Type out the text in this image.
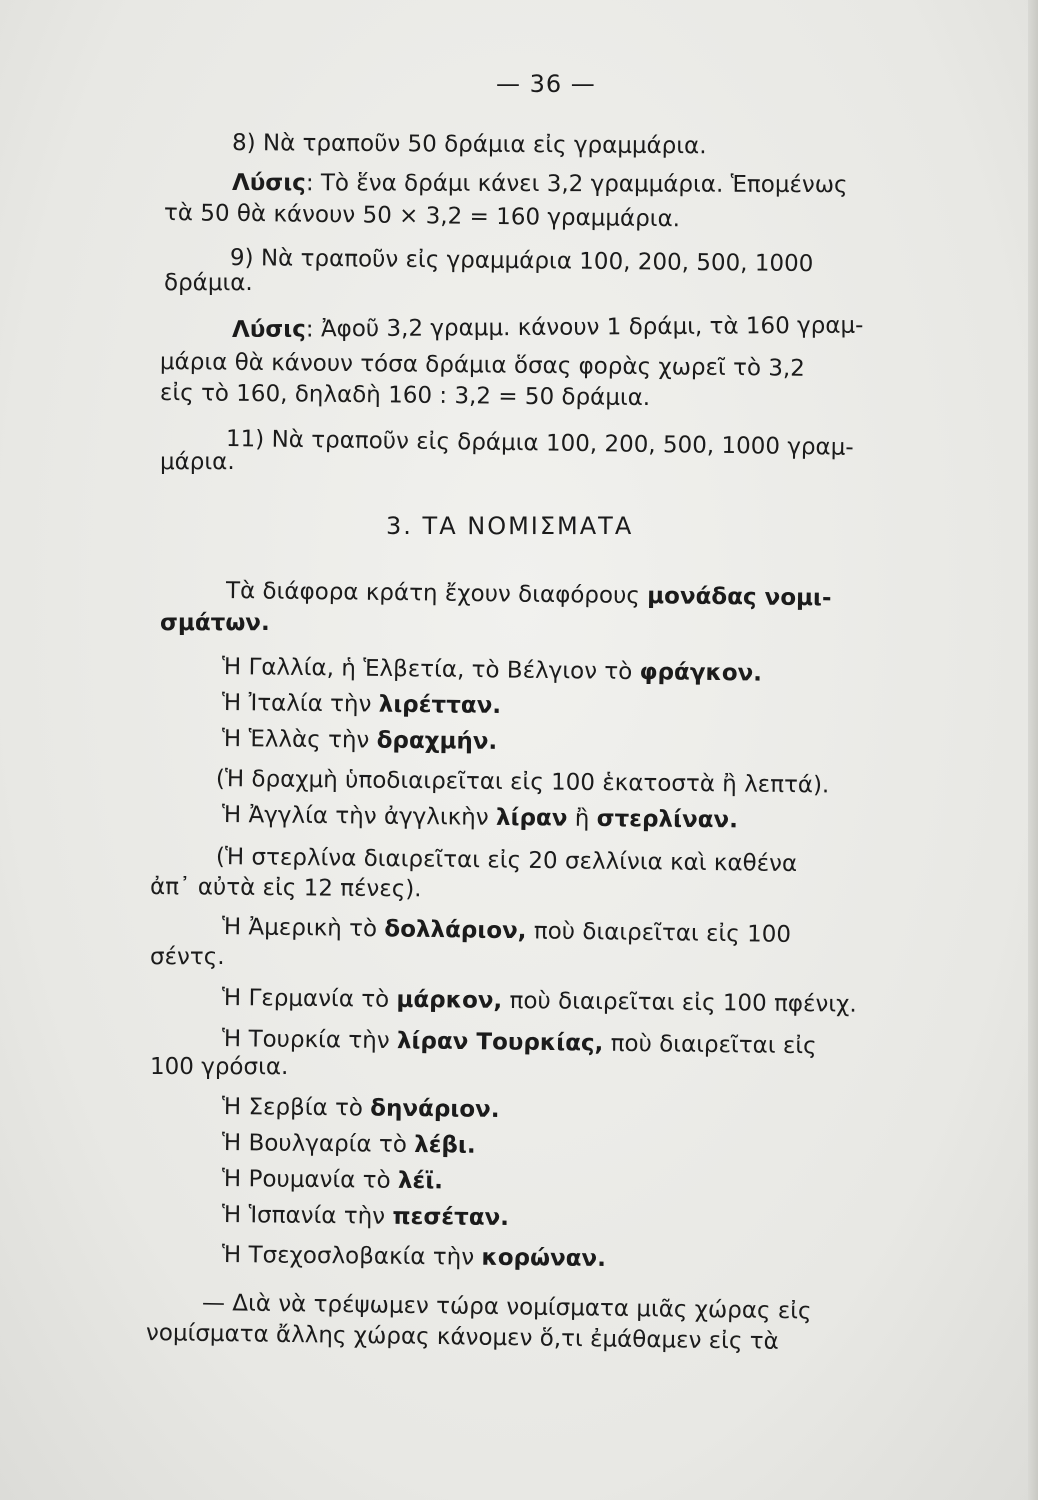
— 36 —
8) Νὰ τραποῦν 50 δράμια εἰς γραμμάρια.
Λύσις: Τὸ ἕνα δράμι κάνει 3,2 γραμμάρια. Ἑπομένως
τὰ 50 θὰ κάνουν 50 × 3,2 = 160 γραμμάρια.
9) Νὰ τραποῦν εἰς γραμμάρια 100, 200, 500, 1000
δράμια.
Λύσις: Ἀφοῦ 3,2 γραμμ. κάνουν 1 δράμι, τὰ 160 γραμ-
μάρια θὰ κάνουν τόσα δράμια ὅσας φορὰς χωρεῖ τὸ 3,2
εἰς τὸ 160, δηλαδὴ 160 : 3,2 = 50 δράμια.
11) Νὰ τραποῦν εἰς δράμια 100, 200, 500, 1000 γραμ-
μάρια.
3. ΤΑ ΝΟΜΙΣΜΑΤΑ
Τὰ διάφορα κράτη ἔχουν διαφόρους μονάδας νομι-
σμάτων.
Ἡ Γαλλία, ἡ Ἑλβετία, τὸ Βέλγιον τὸ φράγκον.
Ἡ Ἰταλία τὴν λιρέτταν.
Ἡ Ἑλλὰς τὴν δραχμήν.
(Ἡ δραχμὴ ὑποδιαιρεῖται εἰς 100 ἑκατοστὰ ἢ λεπτά).
Ἡ Ἀγγλία τὴν ἀγγλικὴν λίραν ἢ στερλίναν.
(Ἡ στερλίνα διαιρεῖται εἰς 20 σελλίνια καὶ καθένα
ἀπ᾽ αὐτὰ εἰς 12 πένες).
Ἡ Ἀμερικὴ τὸ δολλάριον, ποὺ διαιρεῖται εἰς 100
σέντς.
Ἡ Γερμανία τὸ μάρκον, ποὺ διαιρεῖται εἰς 100 πφένιχ.
Ἡ Τουρκία τὴν λίραν Τουρκίας, ποὺ διαιρεῖται εἰς
100 γρόσια.
Ἡ Σερβία τὸ δηνάριον.
Ἡ Βουλγαρία τὸ λέβι.
Ἡ Ρουμανία τὸ λέϊ.
Ἡ Ἱσπανία τὴν πεσέταν.
Ἡ Τσεχοσλοβακία τὴν κορώναν.
— Διὰ νὰ τρέψωμεν τώρα νομίσματα μιᾶς χώρας εἰς
νομίσματα ἄλλης χώρας κάνομεν ὅ,τι ἐμάθαμεν εἰς τὰ
